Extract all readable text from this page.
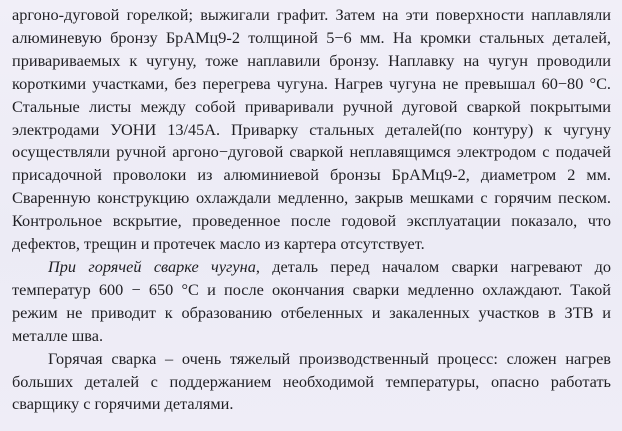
аргоно-дуговой горелкой; выжигали графит. Затем на эти поверхности наплавляли алюминевую бронзу БрАМц9-2 толщиной 5−6 мм. На кромки стальных деталей, привариваемых к чугуну, тоже наплавили бронзу. Наплавку на чугун проводили короткими участками, без перегрева чугуна. Нагрев чугуна не превышал 60−80 °С. Стальные листы между собой приваривали ручной дуговой сваркой покрытыми электродами УОНИ 13/45А. Приварку стальных деталей(по контуру) к чугуну осуществляли ручной аргоно−дуговой сваркой неплавящимся электродом с подачей присадочной проволоки из алюминиевой бронзы БрАМц9-2, диаметром 2 мм. Сваренную конструкцию охлаждали медленно, закрыв мешками с горячим песком. Контрольное вскрытие, проведенное после годовой эксплуатации показало, что дефектов, трещин и протечек масло из картера отсутствует.

При горячей сварке чугуна, деталь перед началом сварки нагревают до температур 600 − 650 °С и после окончания сварки медленно охлаждают. Такой режим не приводит к образованию отбеленных и закаленных участков в ЗТВ и металле шва.

Горячая сварка – очень тяжелый производственный процесс: сложен нагрев больших деталей с поддержанием необходимой температуры, опасно работать сварщику с горячими деталями.
